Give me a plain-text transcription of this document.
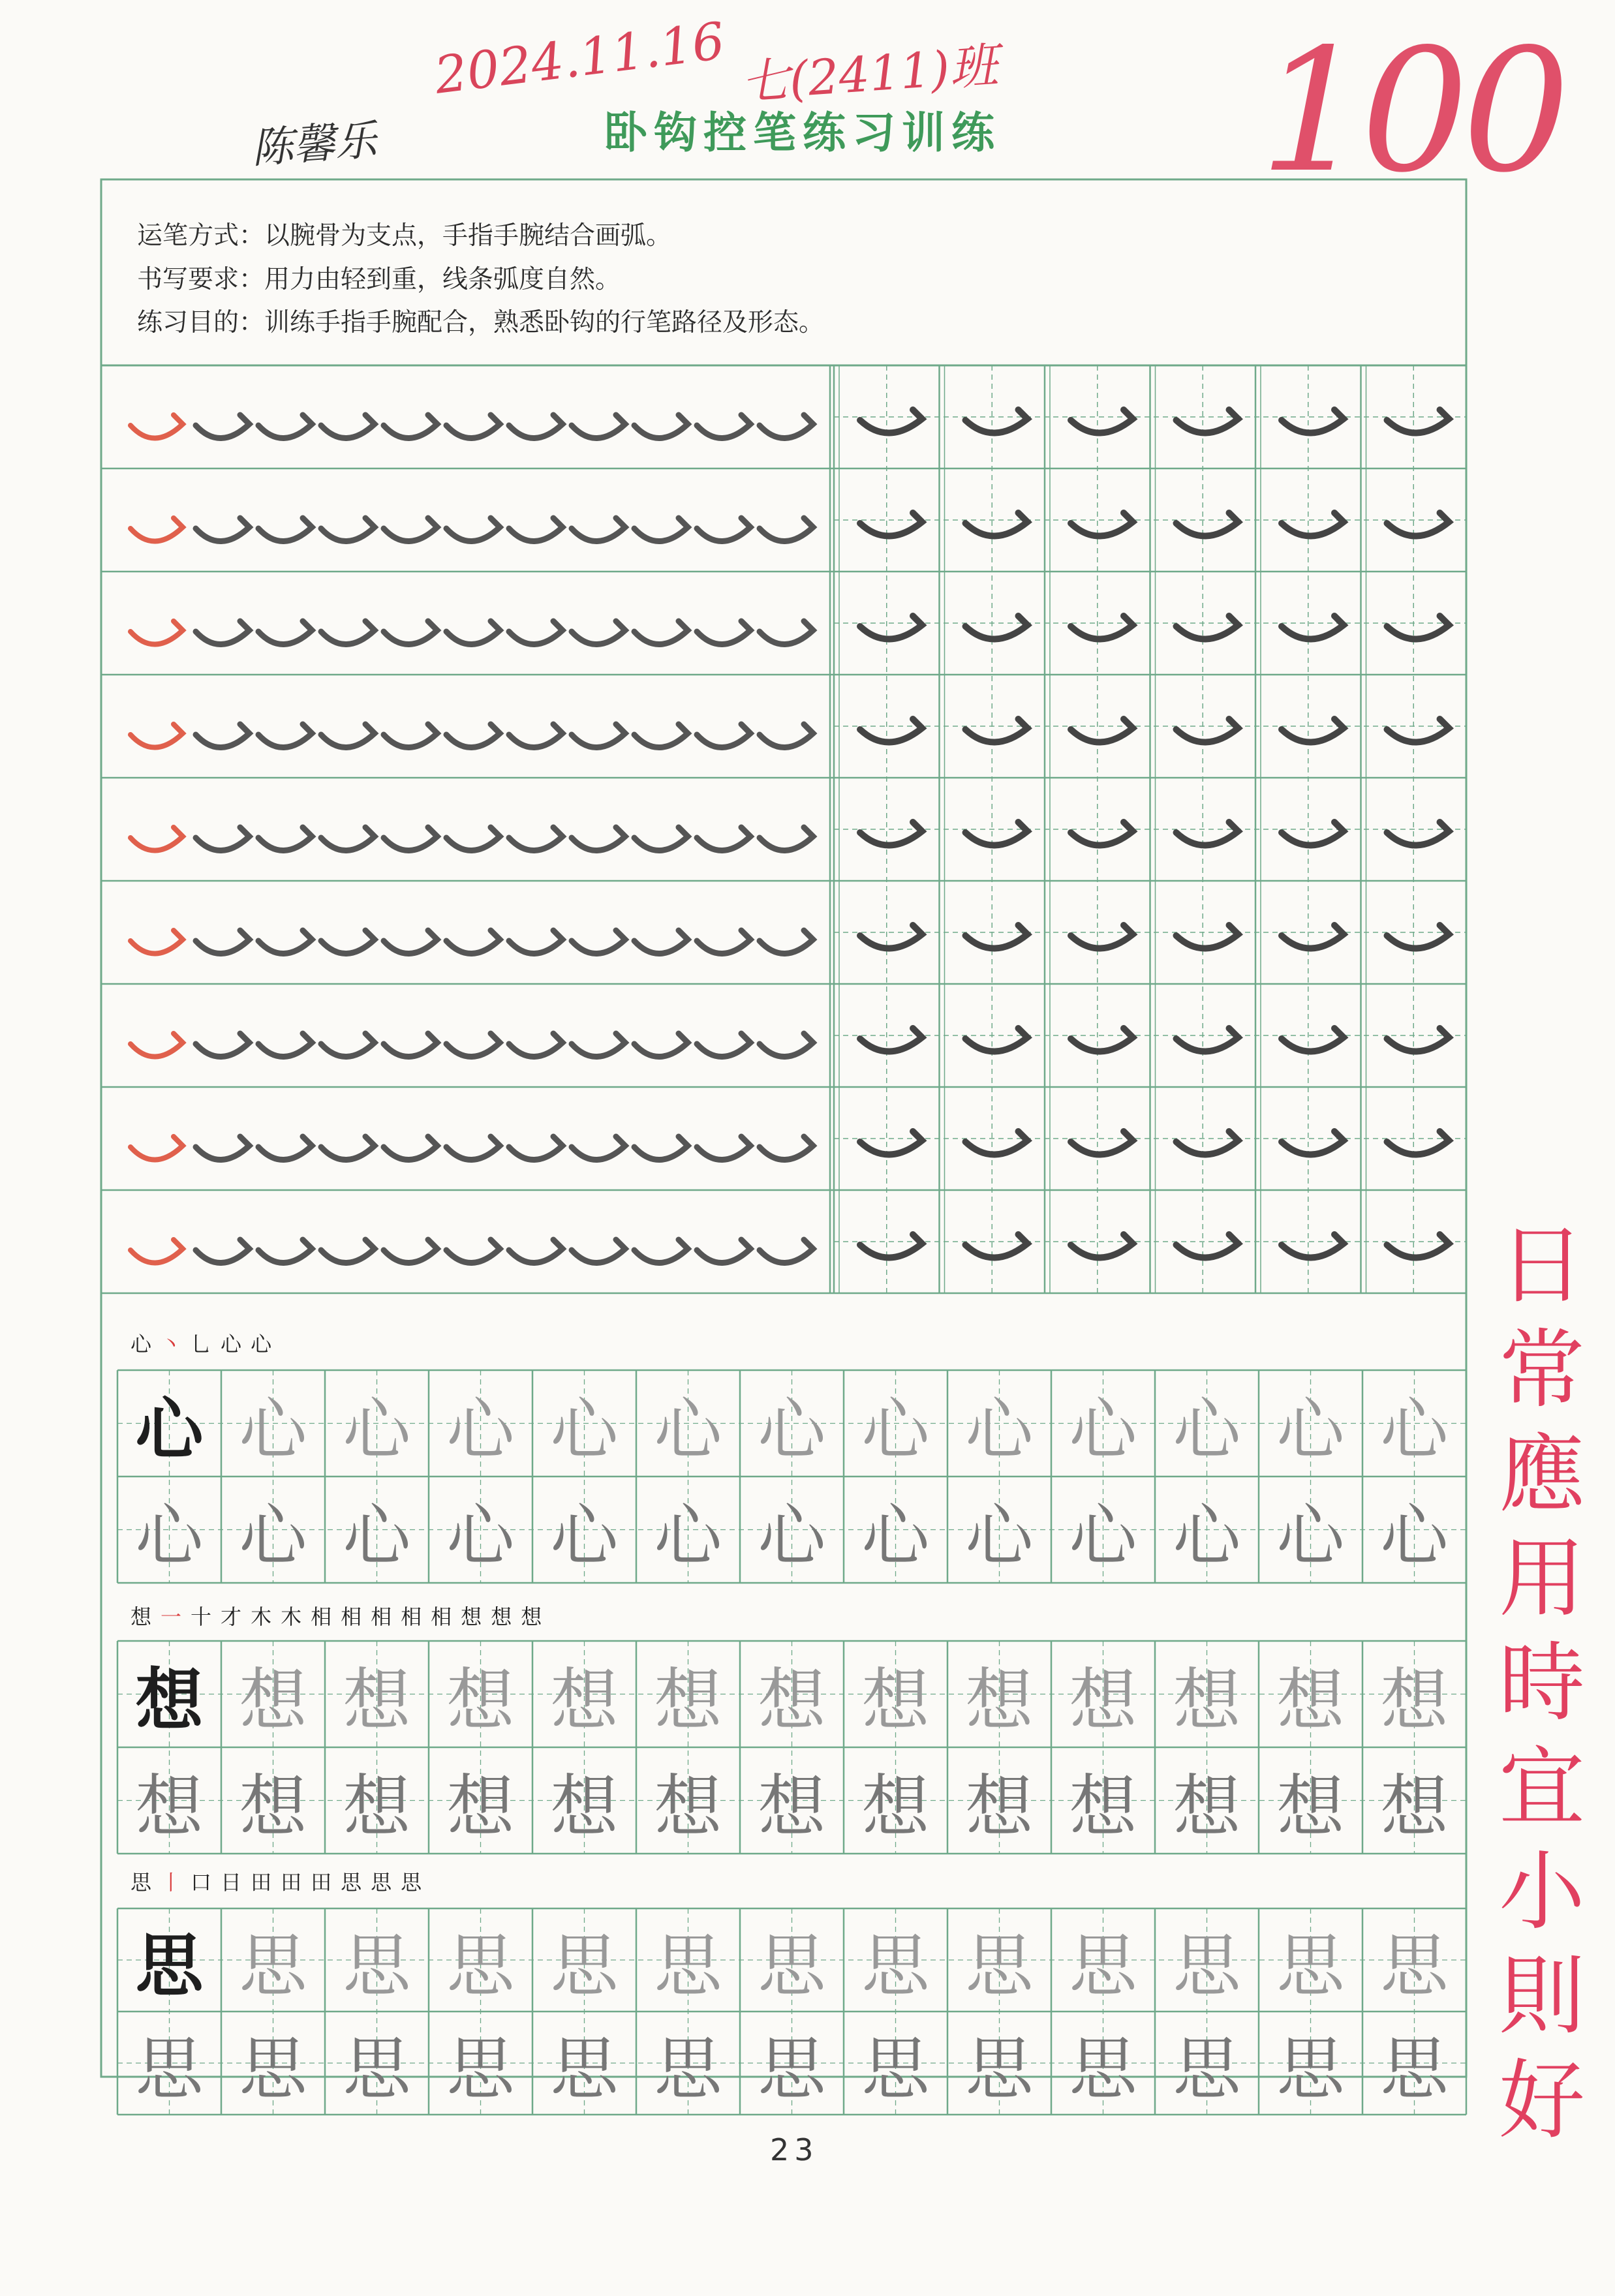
2024.11.16 七(2411)班 100
陈馨乐	卧钩控笔练习训练
运笔方式：以腕骨为支点，手指手腕结合画弧。
书写要求：用力由轻到重，线条弧度自然。
练习目的：训练手指手腕配合，熟悉卧钩的行笔路径及形态。
心 丶 乚 心 心
想 一 十 才 木 木 相 相 相 相 相 想 想 想
思 丨 口 日 田 田 田 思 思 思
心 心 心 心 心 心 心 心 心 心 心 心 心
心 心 心 心 心 心 心 心 心 心 心 心 心
想 想 想 想 想 想 想 想 想 想 想 想 想
想 想 想 想 想 想 想 想 想 想 想 想 想
思 思 思 思 思 思 思 思 思 思 思 思 思
思 思 思 思 思 思 思 思 思 思 思 思 思
日常應用時宜小則好
23
